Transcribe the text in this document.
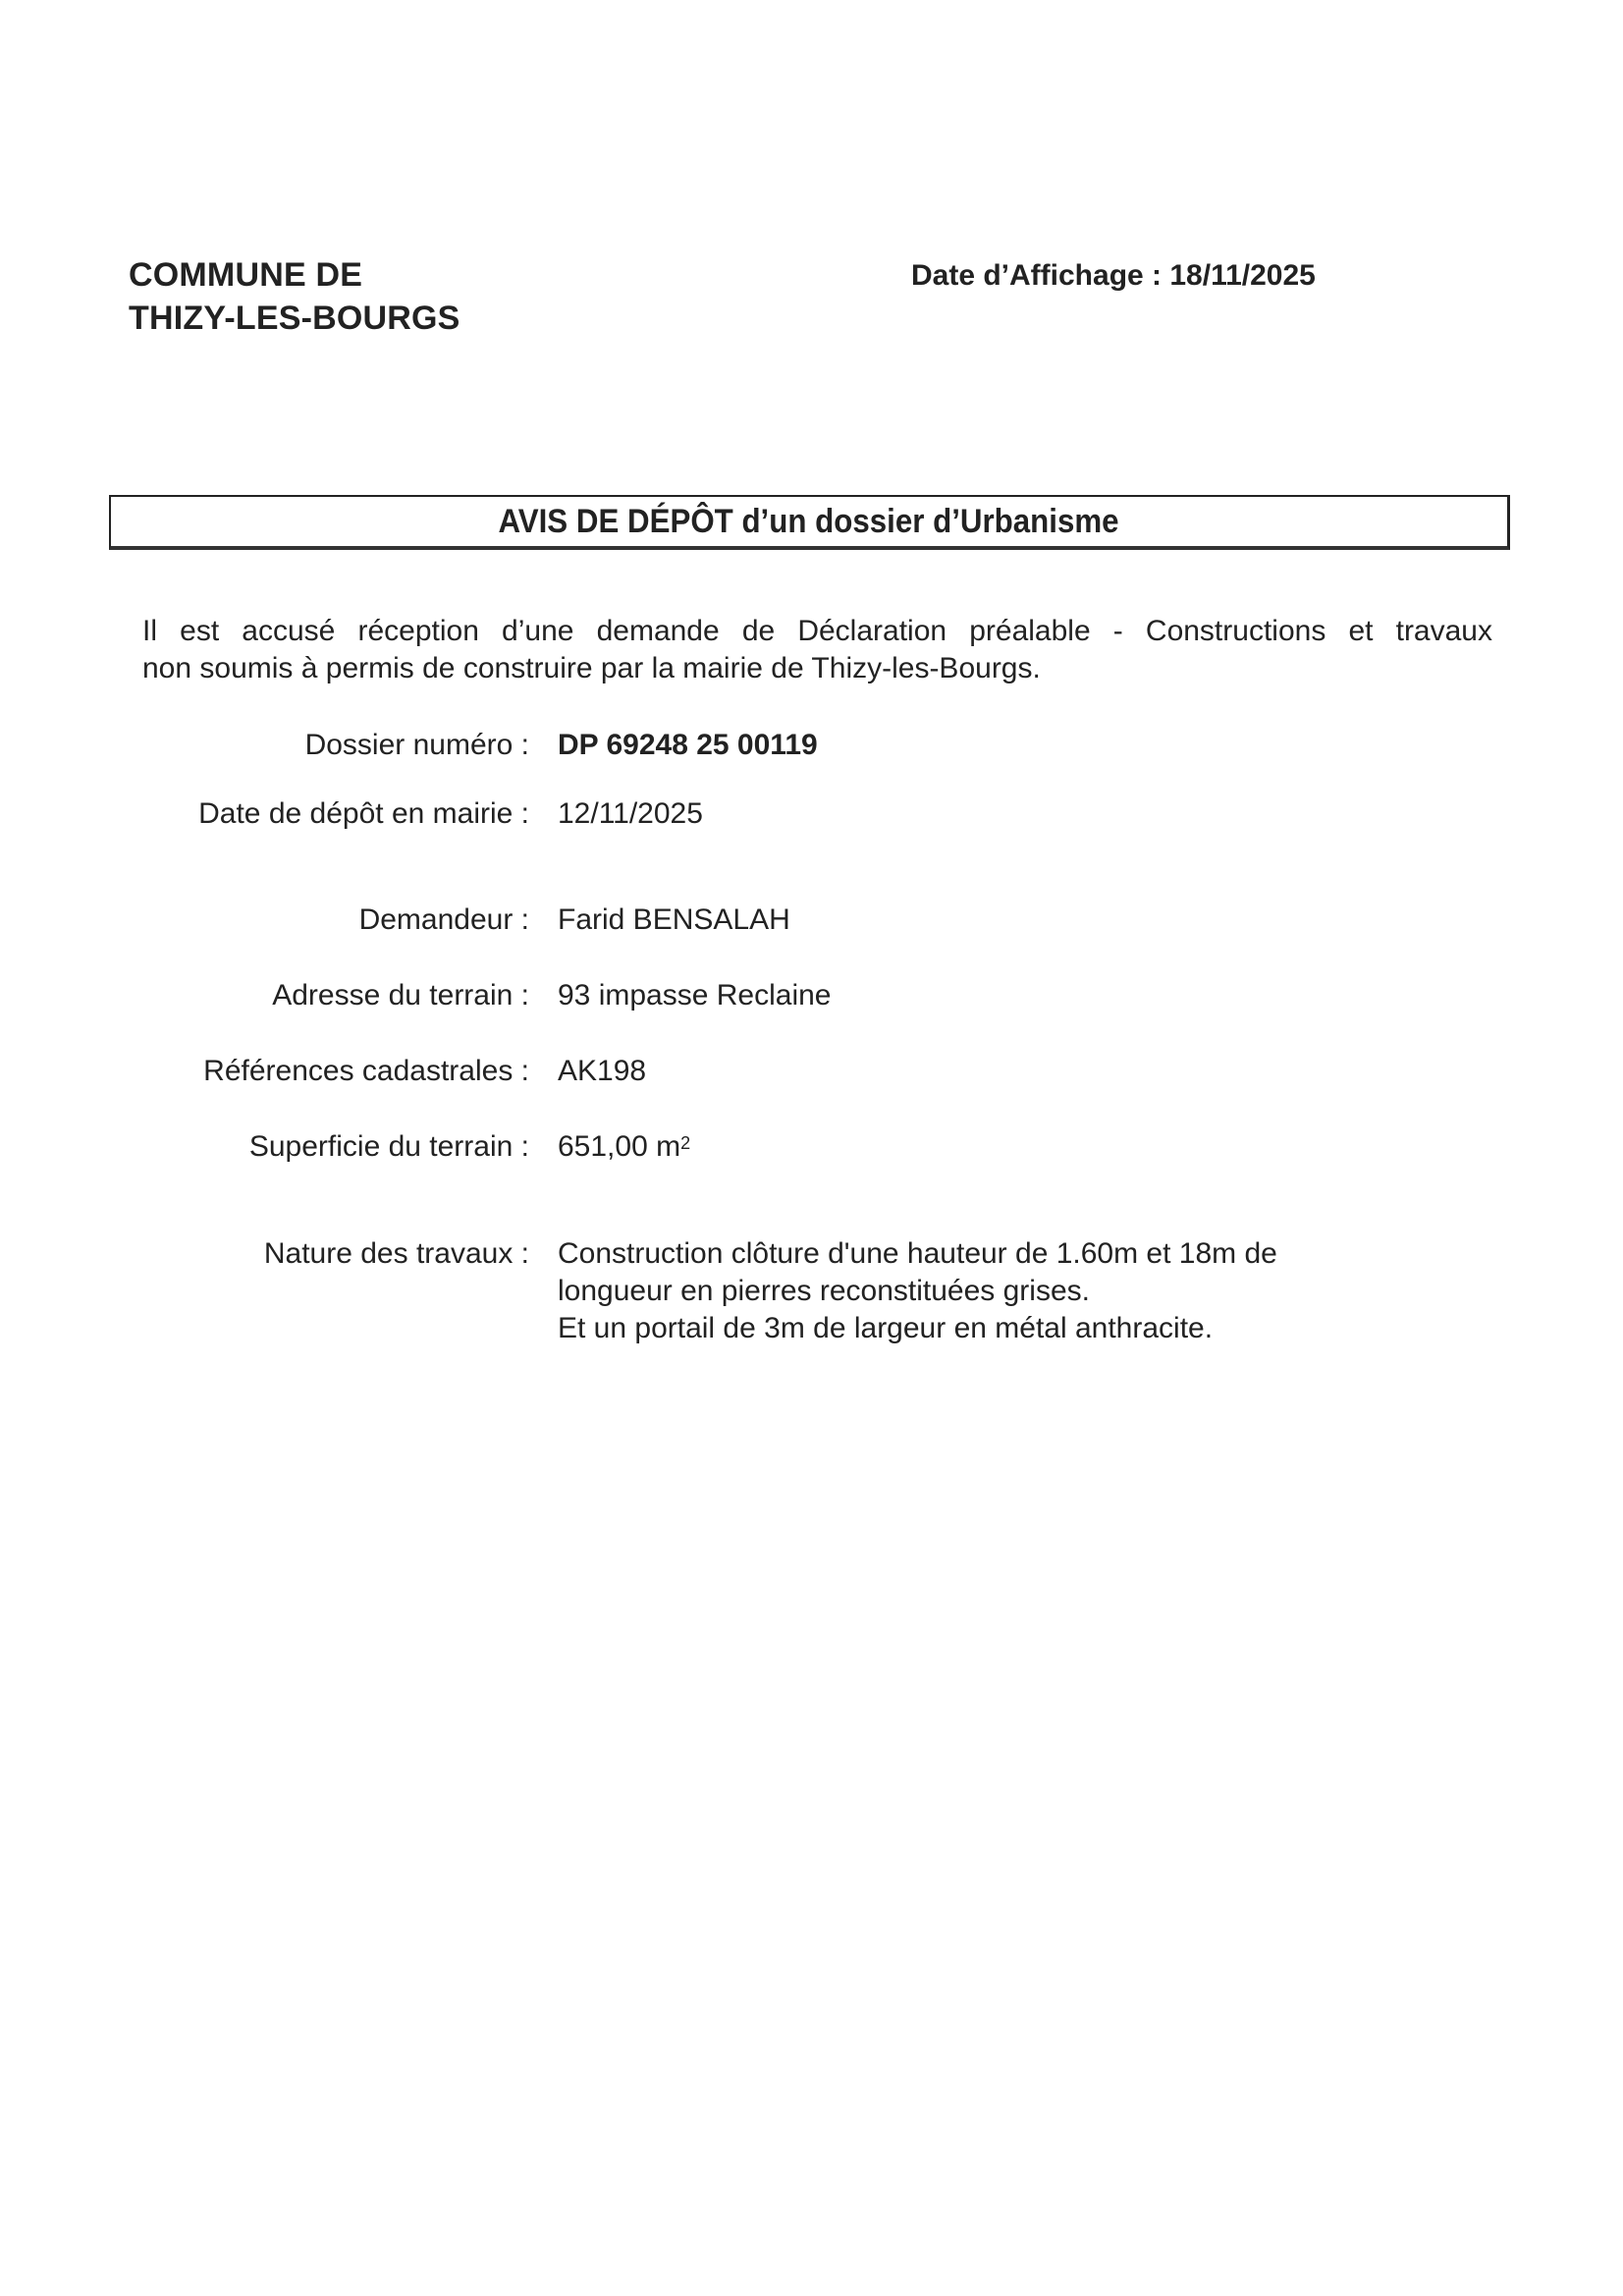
COMMUNE DE
THIZY-LES-BOURGS
Date d’Affichage : 18/11/2025
AVIS DE DÉPÔT d’un dossier d’Urbanisme
Il est accusé réception d’une demande de Déclaration préalable - Constructions et travaux
non soumis à permis de construire par la mairie de Thizy-les-Bourgs.
Dossier numéro : DP 69248 25 00119
Date de dépôt en mairie : 12/11/2025
Demandeur : Farid BENSALAH
Adresse du terrain : 93 impasse Reclaine
Références cadastrales : AK198
Superficie du terrain : 651,00 $m^2$
Nature des travaux : Construction clôture d'une hauteur de 1.60m et 18m de
longueur en pierres reconstituées grises.
Et un portail de 3m de largeur en métal anthracite.
